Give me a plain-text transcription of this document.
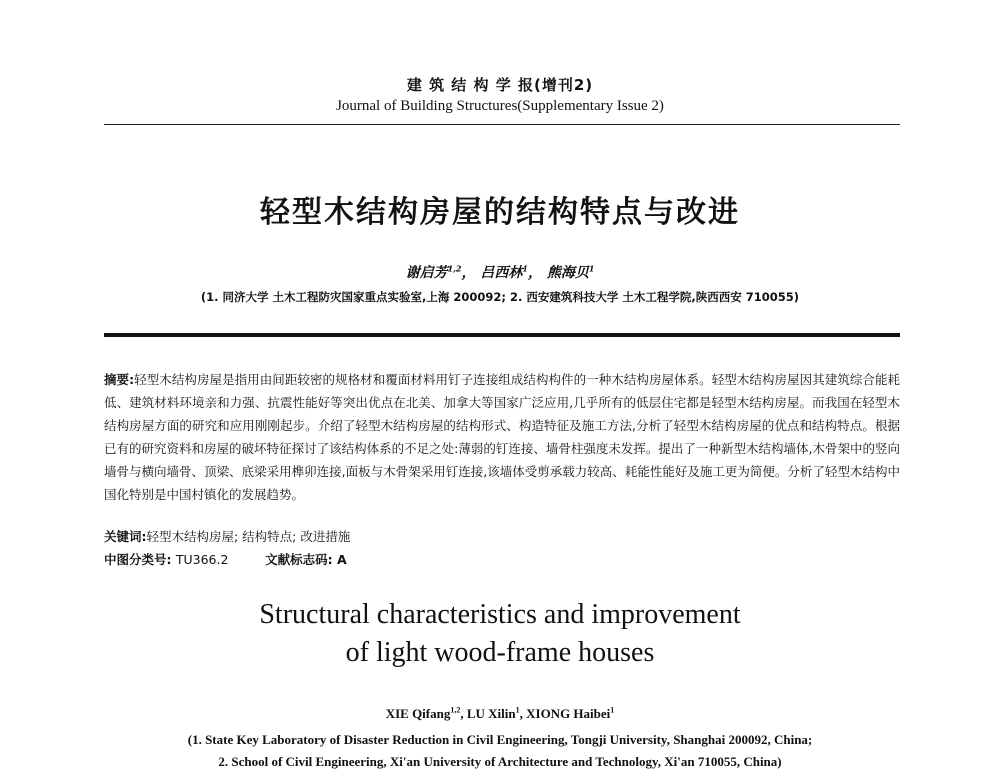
建 筑 结 构 学 报(增刊2)
Journal of Building Structures(Supplementary Issue 2)
轻型木结构房屋的结构特点与改进
谢启芳$^{1,2}$， 吕西林$^1$， 熊海贝$^1$
(1. 同济大学 土木工程防灾国家重点实验室,上海 200092; 2. 西安建筑科技大学 土木工程学院,陕西西安 710055)
摘要:轻型木结构房屋是指用由间距较密的规格材和覆面材料用钉子连接组成结构构件的一种木结构房屋体系。轻型木结构房屋因其建筑综合能耗低、建筑材料环境亲和力强、抗震性能好等突出优点在北美、加拿大等国家广泛应用,几乎所有的低层住宅都是轻型木结构房屋。而我国在轻型木结构房屋方面的研究和应用刚刚起步。介绍了轻型木结构房屋的结构形式、构造特征及施工方法,分析了轻型木结构房屋的优点和结构特点。根据已有的研究资料和房屋的破坏特征探讨了该结构体系的不足之处:薄弱的钉连接、墙骨柱强度未发挥。提出了一种新型木结构墙体,木骨架中的竖向墙骨与横向墙骨、顶梁、底梁采用榫卯连接,面板与木骨架采用钉连接,该墙体受剪承载力较高、耗能性能好及施工更为简便。分析了轻型木结构中国化特别是中国村镇化的发展趋势。
关键词:轻型木结构房屋; 结构特点; 改进措施
中图分类号: TU366.2	文献标志码: A
Structural characteristics and improvement
of light wood-frame houses
XIE Qifang$^{1,2}$, LU Xilin$^1$, XIONG Haibei$^1$
(1. State Key Laboratory of Disaster Reduction in Civil Engineering, Tongji University, Shanghai 200092, China;
2. School of Civil Engineering, Xi'an University of Architecture and Technology, Xi'an 710055, China)
